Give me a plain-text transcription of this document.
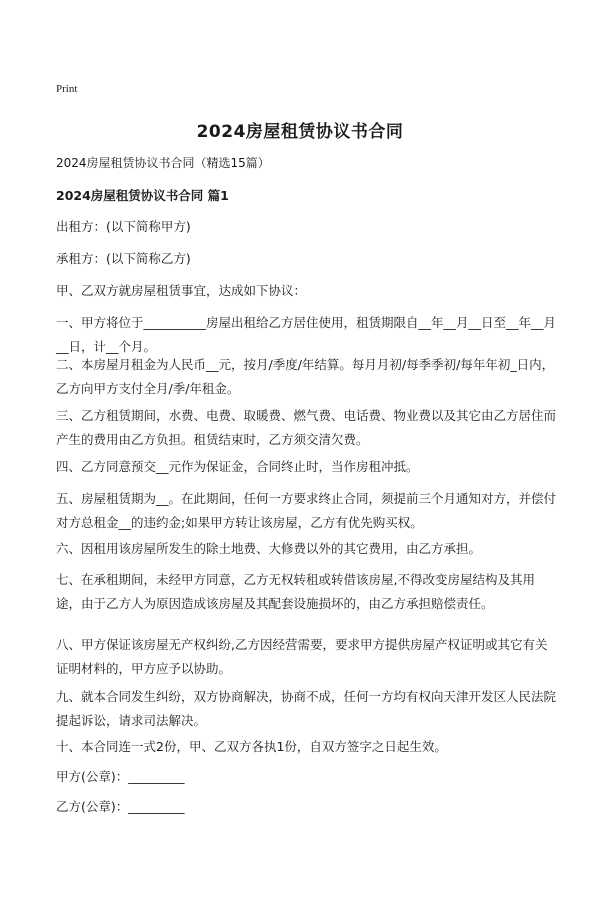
Print
2024房屋租赁协议书合同

2024房屋租赁协议书合同（精选15篇）

2024房屋租赁协议书合同 篇1

出租方：(以下简称甲方)

承租方：(以下简称乙方)

甲、乙双方就房屋租赁事宜，达成如下协议：

一、甲方将位于__________房屋出租给乙方居住使用，租赁期限自__年__月__日至__年__月__日，计__个月。

二、本房屋月租金为人民币__元，按月/季度/年结算。每月月初/每季季初/每年年初_日内，乙方向甲方支付全月/季/年租金。

三、乙方租赁期间，水费、电费、取暖费、燃气费、电话费、物业费以及其它由乙方居住而产生的费用由乙方负担。租赁结束时，乙方须交清欠费。

四、乙方同意预交__元作为保证金，合同终止时，当作房租冲抵。

五、房屋租赁期为__。在此期间，任何一方要求终止合同，须提前三个月通知对方，并偿付对方总租金__的违约金;如果甲方转让该房屋，乙方有优先购买权。

六、因租用该房屋所发生的除土地费、大修费以外的其它费用，由乙方承担。

七、在承租期间，未经甲方同意，乙方无权转租或转借该房屋,不得改变房屋结构及其用途，由于乙方人为原因造成该房屋及其配套设施损坏的，由乙方承担赔偿责任。

八、甲方保证该房屋无产权纠纷,乙方因经营需要，要求甲方提供房屋产权证明或其它有关证明材料的，甲方应予以协助。

九、就本合同发生纠纷，双方协商解决，协商不成，任何一方均有权向天津开发区人民法院提起诉讼，请求司法解决。

十、本合同连一式2份，甲、乙双方各执1份，自双方签字之日起生效。

甲方(公章)：_________

乙方(公章)：_________
